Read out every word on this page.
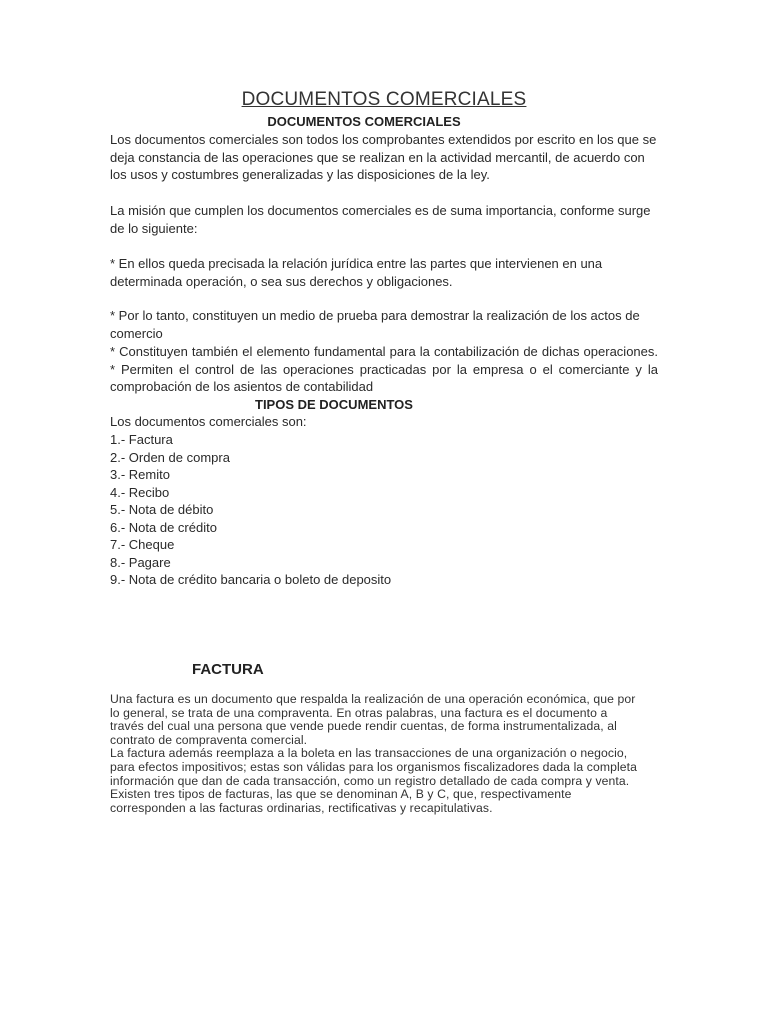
DOCUMENTOS COMERCIALES
DOCUMENTOS COMERCIALES

Los documentos comerciales son todos los comprobantes extendidos por escrito en los que se deja constancia de las operaciones que se realizan en la actividad mercantil, de acuerdo con los usos y costumbres generalizadas y las disposiciones de la ley.

La misión que cumplen los documentos comerciales es de suma importancia, conforme surge de lo siguiente:

* En ellos queda precisada la relación jurídica entre las partes que intervienen en una determinada operación, o sea sus derechos y obligaciones.

* Por lo tanto, constituyen un medio de prueba para demostrar la realización de los actos de comercio

* Constituyen también el elemento fundamental para la contabilización de dichas operaciones. * Permiten el control de las operaciones practicadas por la empresa o el comerciante y la comprobación de los asientos de contabilidad

TIPOS DE DOCUMENTOS

Los documentos comerciales son:

1.- Factura
2.- Orden de compra
3.- Remito
4.- Recibo
5.- Nota de débito
6.- Nota de crédito
7.- Cheque
8.- Pagare
9.- Nota de crédito bancaria o boleto de deposito
FACTURA

Una factura es un documento que respalda la realización de una operación económica, que por
lo general, se trata de una compraventa. En otras palabras, una factura es el documento a
través del cual una persona que vende puede rendir cuentas, de forma instrumentalizada, al
contrato de compraventa comercial.
La factura además reemplaza a la boleta en las transacciones de una organización o negocio,
para efectos impositivos; estas son válidas para los organismos fiscalizadores dada la completa
información que dan de cada transacción, como un registro detallado de cada compra y venta.
Existen tres tipos de facturas, las que se denominan A, B y C, que, respectivamente
corresponden a las facturas ordinarias, rectificativas y recapitulativas.
